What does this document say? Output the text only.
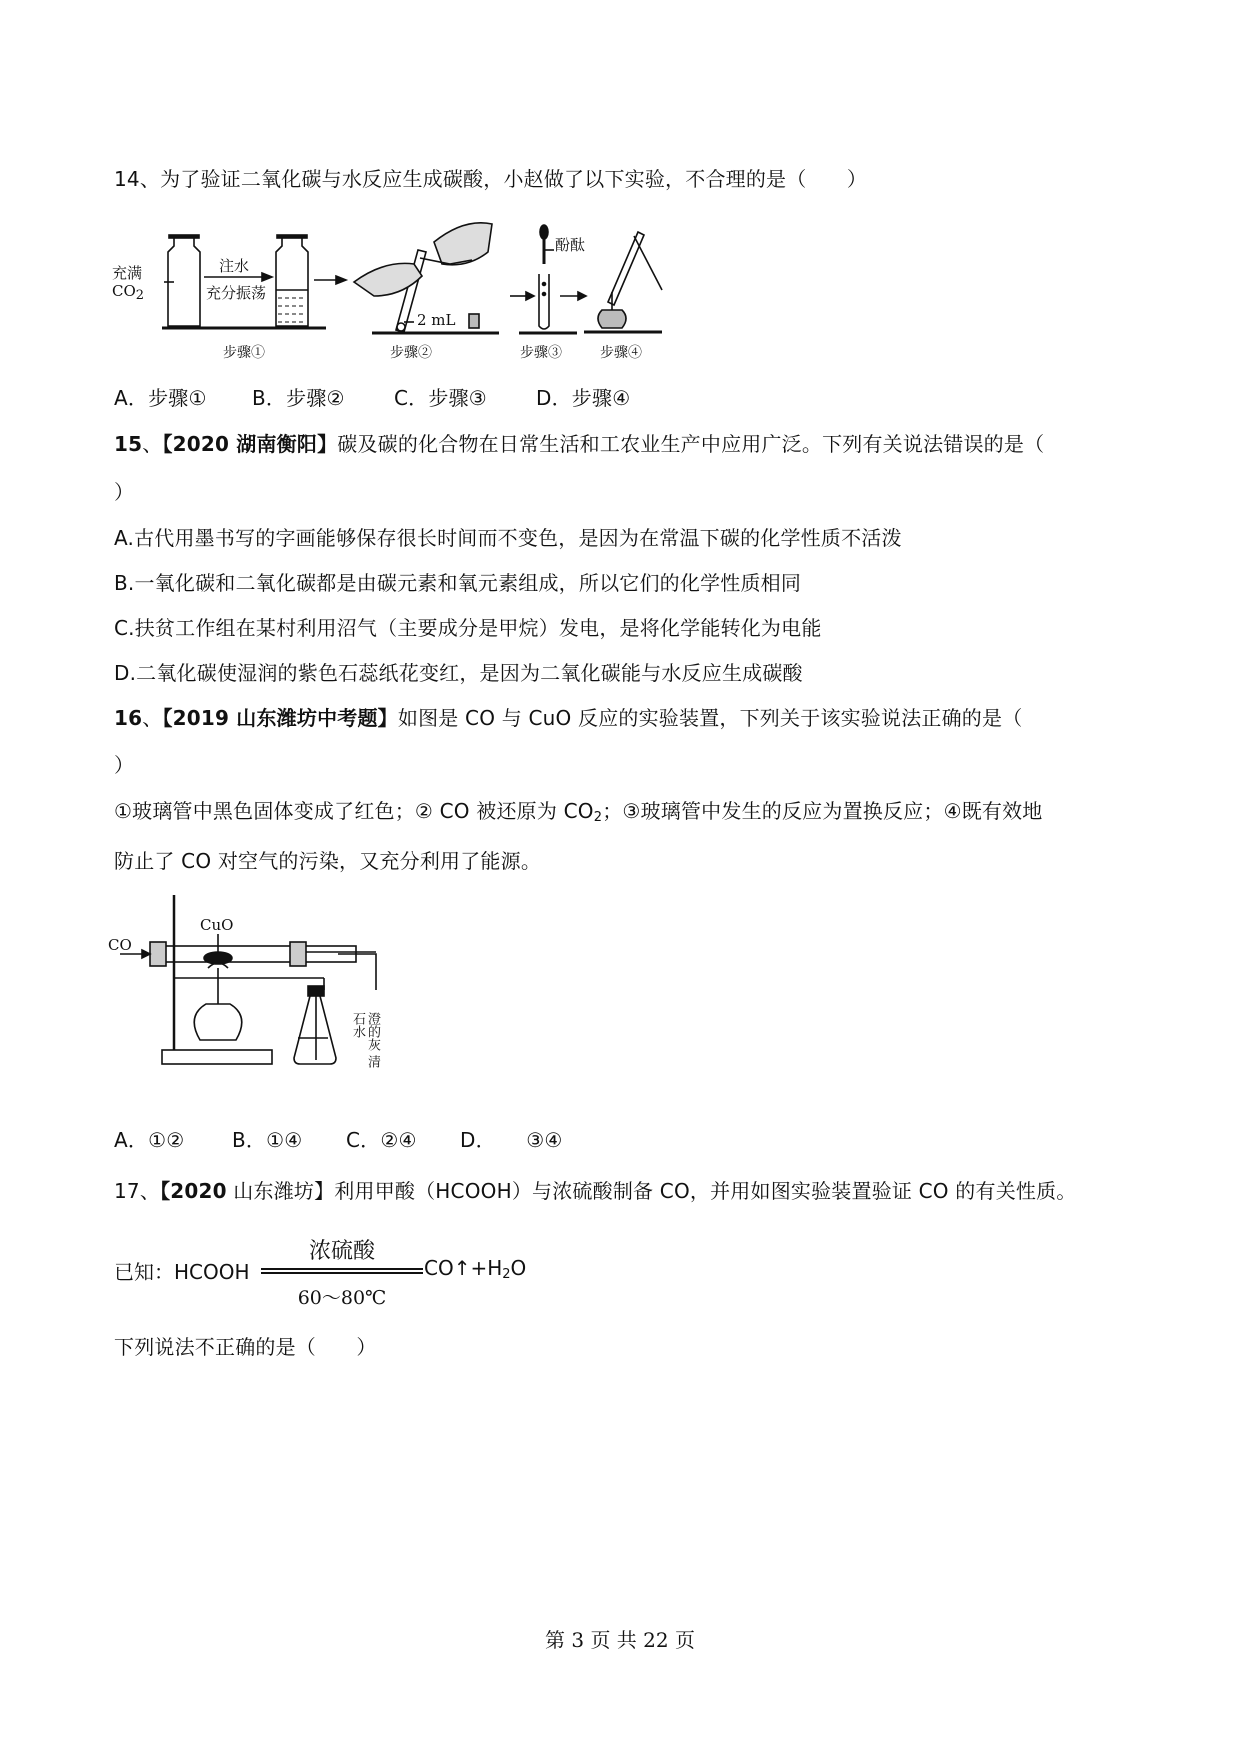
14、为了验证二氧化碳与水反应生成碳酸，小赵做了以下实验，不合理的是（　　）
充满
$CO_2$
注水
充分振荡
2 mL
酚酞
步骤①	步骤②	步骤③	步骤④
A．步骤① B．步骤② C．步骤③ D．步骤④
15、【2020 湖南衡阳】碳及碳的化合物在日常生活和工农业生产中应用广泛。下列有关说法错误的是（
）
A.古代用墨书写的字画能够保存很长时间而不变色，是因为在常温下碳的化学性质不活泼
B.一氧化碳和二氧化碳都是由碳元素和氧元素组成，所以它们的化学性质相同
C.扶贫工作组在某村利用沼气（主要成分是甲烷）发电，是将化学能转化为电能
D.二氧化碳使湿润的紫色石蕊纸花变红，是因为二氧化碳能与水反应生成碳酸
16、【2019 山东潍坊中考题】如图是 CO 与 CuO 反应的实验装置，下列关于该实验说法正确的是（
）
①玻璃管中黑色固体变成了红色；② CO 被还原为 $CO_2$；③玻璃管中发生的反应为置换反应；④既有效地
防止了 CO 对空气的污染，又充分利用了能源。
CO
CuO
澄的灰 清石水
A．①② B．①④ C．②④ D．　　③④
17、【2020 山东潍坊】利用甲酸（HCOOH）与浓硫酸制备 CO，并用如图实验装置验证 CO 的有关性质。
已知：HCOOH
浓硫酸
60～80℃
$CO↑+H_2O$
下列说法不正确的是（　　）
第 3 页 共 22 页
